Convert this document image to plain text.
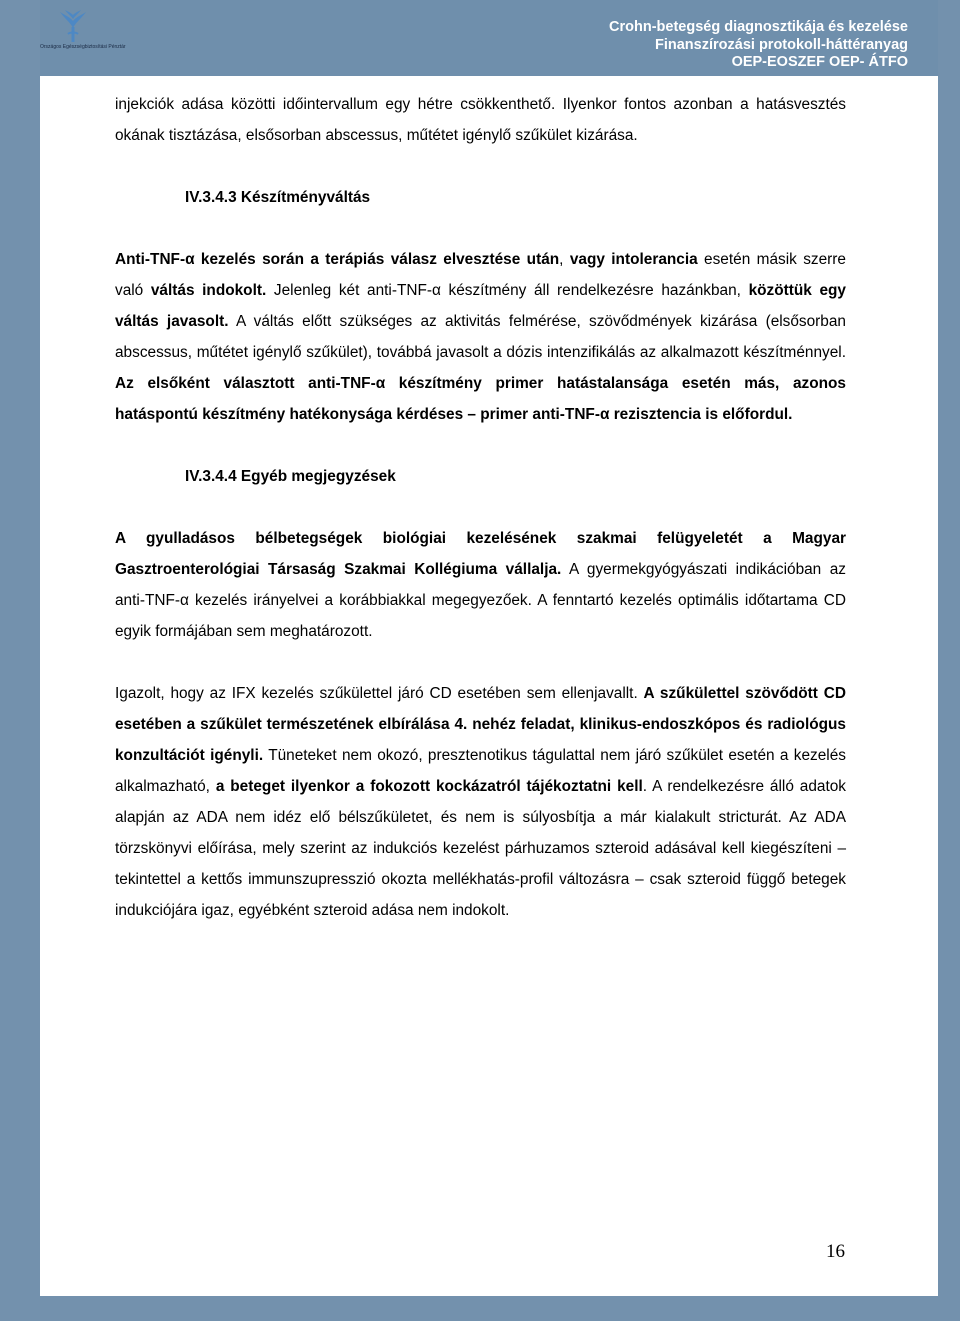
Országos Egészségbiztosítási Pénztár
Crohn-betegség diagnosztikája és kezelése
Finanszírozási protokoll-háttéranyag
OEP-EOSZEF OEP- ÁTFO

injekciók adása közötti időintervallum egy hétre csökkenthető. Ilyenkor fontos azonban a hatásvesztés okának tisztázása, elsősorban abscessus, műtétet igénylő szűkület kizárása.

IV.3.4.3 Készítményváltás

Anti-TNF-α kezelés során a terápiás válasz elvesztése után, vagy intolerancia esetén másik szerre való váltás indokolt. Jelenleg két anti-TNF-α készítmény áll rendelkezésre hazánkban, közöttük egy váltás javasolt. A váltás előtt szükséges az aktivitás felmérése, szövődmények kizárása (elsősorban abscessus, műtétet igénylő szűkület), továbbá javasolt a dózis intenzifikálás az alkalmazott készítménnyel. Az elsőként választott anti-TNF-α készítmény primer hatástalansága esetén más, azonos hatáspontú készítmény hatékonysága kérdéses – primer anti-TNF-α rezisztencia is előfordul.

IV.3.4.4 Egyéb megjegyzések

A gyulladásos bélbetegségek biológiai kezelésének szakmai felügyeletét a Magyar Gasztroenterológiai Társaság Szakmai Kollégiuma vállalja. A gyermekgyógyászati indikációban az anti-TNF-α kezelés irányelvei a korábbiakkal megegyezőek. A fenntartó kezelés optimális időtartama CD egyik formájában sem meghatározott.

Igazolt, hogy az IFX kezelés szűkülettel járó CD esetében sem ellenjavallt. A szűkülettel szövődött CD esetében a szűkület természetének elbírálása 4. nehéz feladat, klinikus-endoszkópos és radiológus konzultációt igényli. Tüneteket nem okozó, presztenotikus tágulattal nem járó szűkület esetén a kezelés alkalmazható, a beteget ilyenkor a fokozott kockázatról tájékoztatni kell. A rendelkezésre álló adatok alapján az ADA nem idéz elő bélszűkületet, és nem is súlyosbítja a már kialakult stricturát. Az ADA törzskönyvi előírása, mely szerint az indukciós kezelést párhuzamos szteroid adásával kell kiegészíteni – tekintettel a kettős immunszupresszió okozta mellékhatás-profil változásra – csak szteroid függő betegek indukciójára igaz, egyébként szteroid adása nem indokolt.

16
